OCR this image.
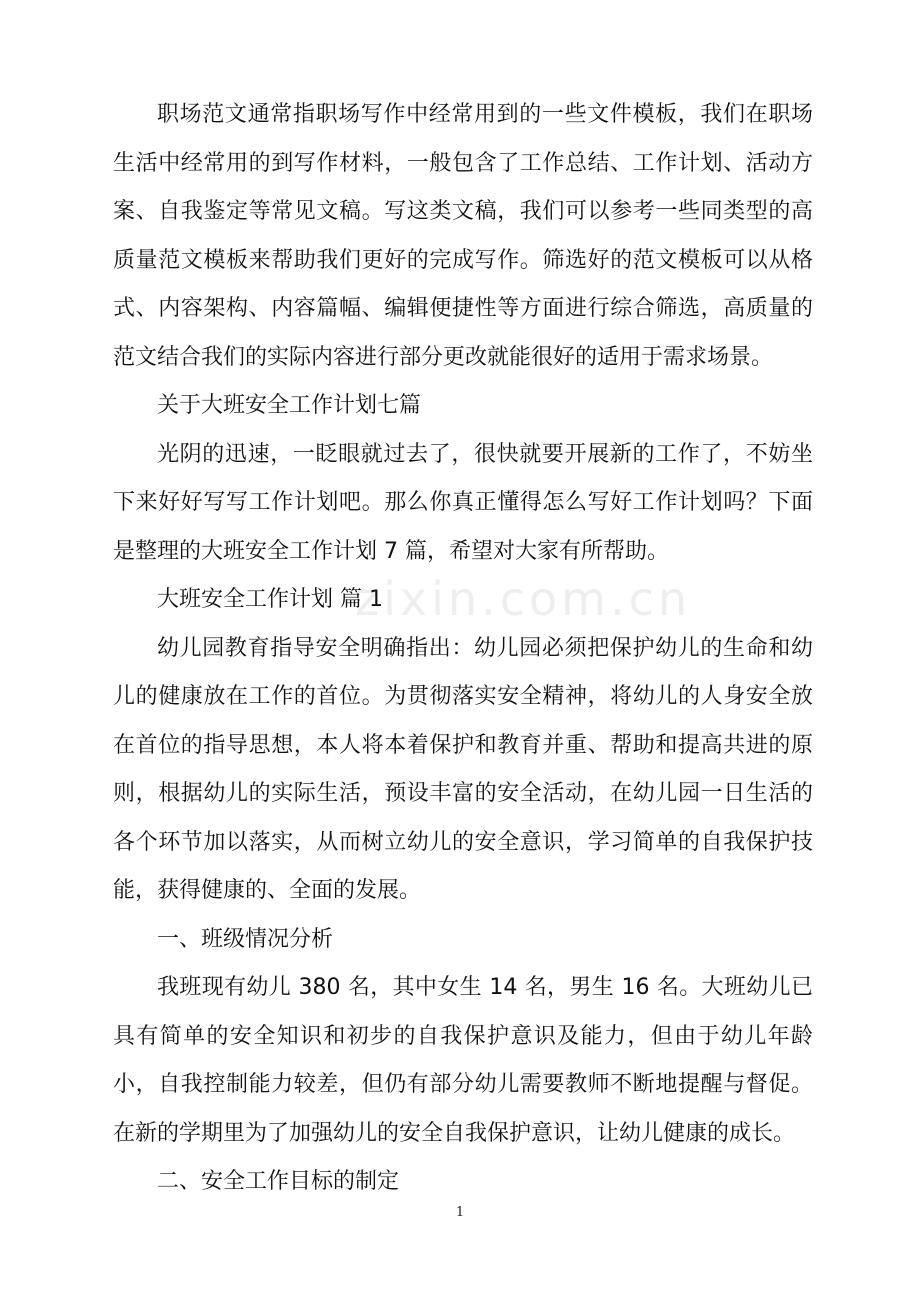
zixin.com.cn

职场范文通常指职场写作中经常用到的一些文件模板，我们在职场生活中经常用的到写作材料，一般包含了工作总结、工作计划、活动方案、自我鉴定等常见文稿。写这类文稿，我们可以参考一些同类型的高质量范文模板来帮助我们更好的完成写作。筛选好的范文模板可以从格式、内容架构、内容篇幅、编辑便捷性等方面进行综合筛选，高质量的范文结合我们的实际内容进行部分更改就能很好的适用于需求场景。

关于大班安全工作计划七篇

光阴的迅速，一眨眼就过去了，很快就要开展新的工作了，不妨坐下来好好写写工作计划吧。那么你真正懂得怎么写好工作计划吗？下面是整理的大班安全工作计划 7 篇，希望对大家有所帮助。

大班安全工作计划 篇 1

幼儿园教育指导安全明确指出：幼儿园必须把保护幼儿的生命和幼儿的健康放在工作的首位。为贯彻落实安全精神，将幼儿的人身安全放在首位的指导思想，本人将本着保护和教育并重、帮助和提高共进的原则，根据幼儿的实际生活，预设丰富的安全活动，在幼儿园一日生活的各个环节加以落实，从而树立幼儿的安全意识，学习简单的自我保护技能，获得健康的、全面的发展。

一、班级情况分析

我班现有幼儿 380 名，其中女生 14 名，男生 16 名。大班幼儿已具有简单的安全知识和初步的自我保护意识及能力，但由于幼儿年龄小，自我控制能力较差，但仍有部分幼儿需要教师不断地提醒与督促。在新的学期里为了加强幼儿的安全自我保护意识，让幼儿健康的成长。

二、安全工作目标的制定

1
